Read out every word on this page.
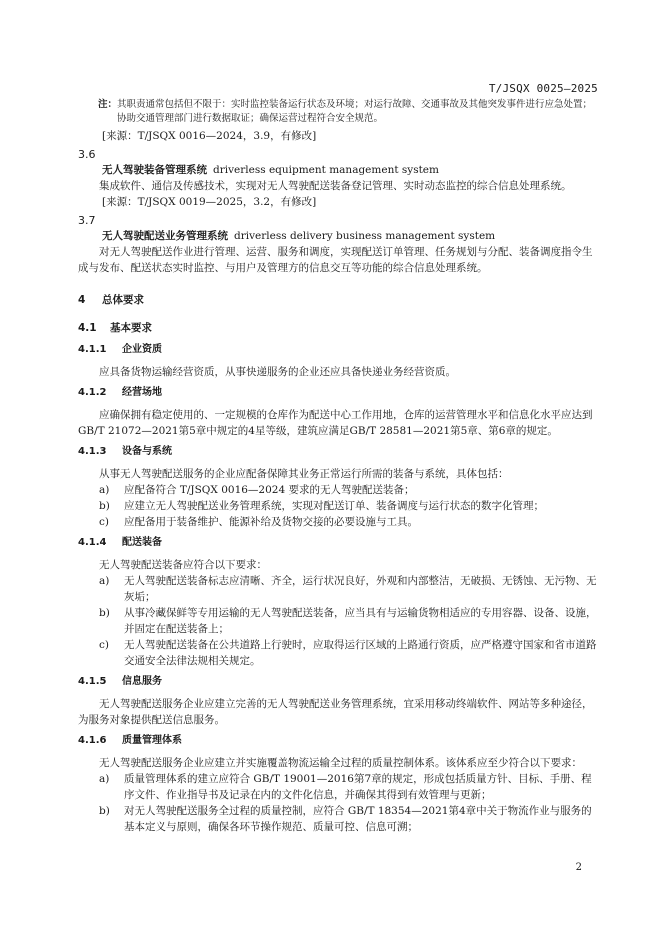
T/JSQX 0025—2025
注： 其职责通常包括但不限于：实时监控装备运行状态及环境；对运行故障、交通事故及其他突发事件进行应急处置；协助交通管理部门进行数据取证；确保运营过程符合安全规范。

[来源：T/JSQX 0016—2024，3.9，有修改]

3.6

无人驾驶装备管理系统 driverless equipment management system

集成软件、通信及传感技术，实现对无人驾驶配送装备登记管理、实时动态监控的综合信息处理系统。

[来源：T/JSQX 0019—2025，3.2，有修改]

3.7

无人驾驶配送业务管理系统 driverless delivery business management system

对无人驾驶配送作业进行管理、运营、服务和调度，实现配送订单管理、任务规划与分配、装备调度指令生成与发布、配送状态实时监控、与用户及管理方的信息交互等功能的综合信息处理系统。

4 总体要求
4.1 基本要求
4.1.1 企业资质

应具备货物运输经营资质，从事快递服务的企业还应具备快递业务经营资质。

4.1.2 经营场地

应确保拥有稳定使用的、一定规模的仓库作为配送中心工作用地，仓库的运营管理水平和信息化水平应达到GB/T 21072—2021第5章中规定的4星等级，建筑应满足GB/T 28581—2021第5章、第6章的规定。

4.1.3 设备与系统

从事无人驾驶配送服务的企业应配备保障其业务正常运行所需的装备与系统，具体包括：

a)	应配备符合 T/JSQX 0016—2024 要求的无人驾驶配送装备；
b)	应建立无人驾驶配送业务管理系统，实现对配送订单、装备调度与运行状态的数字化管理；
c)	应配备用于装备维护、能源补给及货物交接的必要设施与工具。
4.1.4 配送装备

无人驾驶配送装备应符合以下要求：

a)	无人驾驶配送装备标志应清晰、齐全，运行状况良好，外观和内部整洁，无破损、无锈蚀、无污物、无灰垢；
b)	从事冷藏保鲜等专用运输的无人驾驶配送装备，应当具有与运输货物相适应的专用容器、设备、设施，并固定在配送装备上；
c)	无人驾驶配送装备在公共道路上行驶时，应取得运行区域的上路通行资质，应严格遵守国家和省市道路交通安全法律法规相关规定。
4.1.5 信息服务

无人驾驶配送服务企业应建立完善的无人驾驶配送业务管理系统，宜采用移动终端软件、网站等多种途径，为服务对象提供配送信息服务。

4.1.6 质量管理体系

无人驾驶配送服务企业应建立并实施覆盖物流运输全过程的质量控制体系。该体系应至少符合以下要求：

a)	质量管理体系的建立应符合 GB/T 19001—2016第7章的规定，形成包括质量方针、目标、手册、程序文件、作业指导书及记录在内的文件化信息，并确保其得到有效管理与更新；
b)	对无人驾驶配送服务全过程的质量控制，应符合 GB/T 18354—2021第4章中关于物流作业与服务的基本定义与原则，确保各环节操作规范、质量可控、信息可溯；
2
